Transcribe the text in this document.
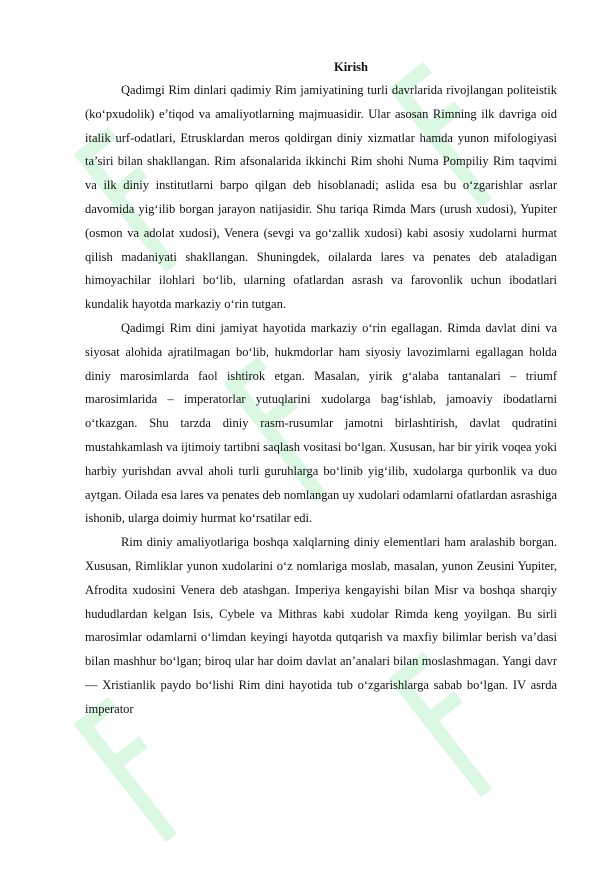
Kirish

Qadimgi Rim dinlari qadimiy Rim jamiyatining turli davrlarida rivojlangan politeistik (ko‘pxudolik) e’tiqod va amaliyotlarning majmuasidir. Ular asosan Rimning ilk davriga oid italik urf-odatlari, Etrusklardan meros qoldirgan diniy xizmatlar hamda yunon mifologiyasi ta’siri bilan shakllangan. Rim afsonalarida ikkinchi Rim shohi Numa Pompiliy Rim taqvimi va ilk diniy institutlarni barpo qilgan deb hisoblanadi; aslida esa bu o‘zgarishlar asrlar davomida yig‘ilib borgan jarayon natijasidir. Shu tariqa Rimda Mars (urush xudosi), Yupiter (osmon va adolat xudosi), Venera (sevgi va go‘zallik xudosi) kabi asosiy xudolarni hurmat qilish madaniyati shakllangan. Shuningdek, oilalarda lares va penates deb ataladigan himoyachilar ilohlari bo‘lib, ularning ofatlardan asrash va farovonlik uchun ibodatlari kundalik hayotda markaziy o‘rin tutgan.

Qadimgi Rim dini jamiyat hayotida markaziy o‘rin egallagan. Rimda davlat dini va siyosat alohida ajratilmagan bo‘lib, hukmdorlar ham siyosiy lavozimlarni egallagan holda diniy marosimlarda faol ishtirok etgan. Masalan, yirik g‘alaba tantanalari – triumf marosimlarida – imperatorlar yutuqlarini xudolarga bag‘ishlab, jamoaviy ibodatlarni o‘tkazgan. Shu tarzda diniy rasm-rusumlar jamotni birlashtirish, davlat qudratini mustahkamlash va ijtimoiy tartibni saqlash vositasi bo‘lgan. Xususan, har bir yirik voqea yoki harbiy yurishdan avval aholi turli guruhlarga bo‘linib yig‘ilib, xudolarga qurbonlik va duo aytgan. Oilada esa lares va penates deb nomlangan uy xudolari odamlarni ofatlardan asrashiga ishonib, ularga doimiy hurmat ko‘rsatilar edi.

Rim diniy amaliyotlariga boshqa xalqlarning diniy elementlari ham aralashib borgan. Xususan, Rimliklar yunon xudolarini o‘z nomlariga moslab, masalan, yunon Zeusini Yupiter, Afrodita xudosini Venera deb atashgan. Imperiya kengayishi bilan Misr va boshqa sharqiy hududlardan kelgan Isis, Cybele va Mithras kabi xudolar Rimda keng yoyilgan. Bu sirli marosimlar odamlarni o‘limdan keyingi hayotda qutqarish va maxfiy bilimlar berish va’dasi bilan mashhur bo‘lgan; biroq ular har doim davlat an’analari bilan moslashmagan. Yangi davr — Xristianlik paydo bo‘lishi Rim dini hayotida tub o‘zgarishlarga sabab bo‘lgan. IV asrda imperator
